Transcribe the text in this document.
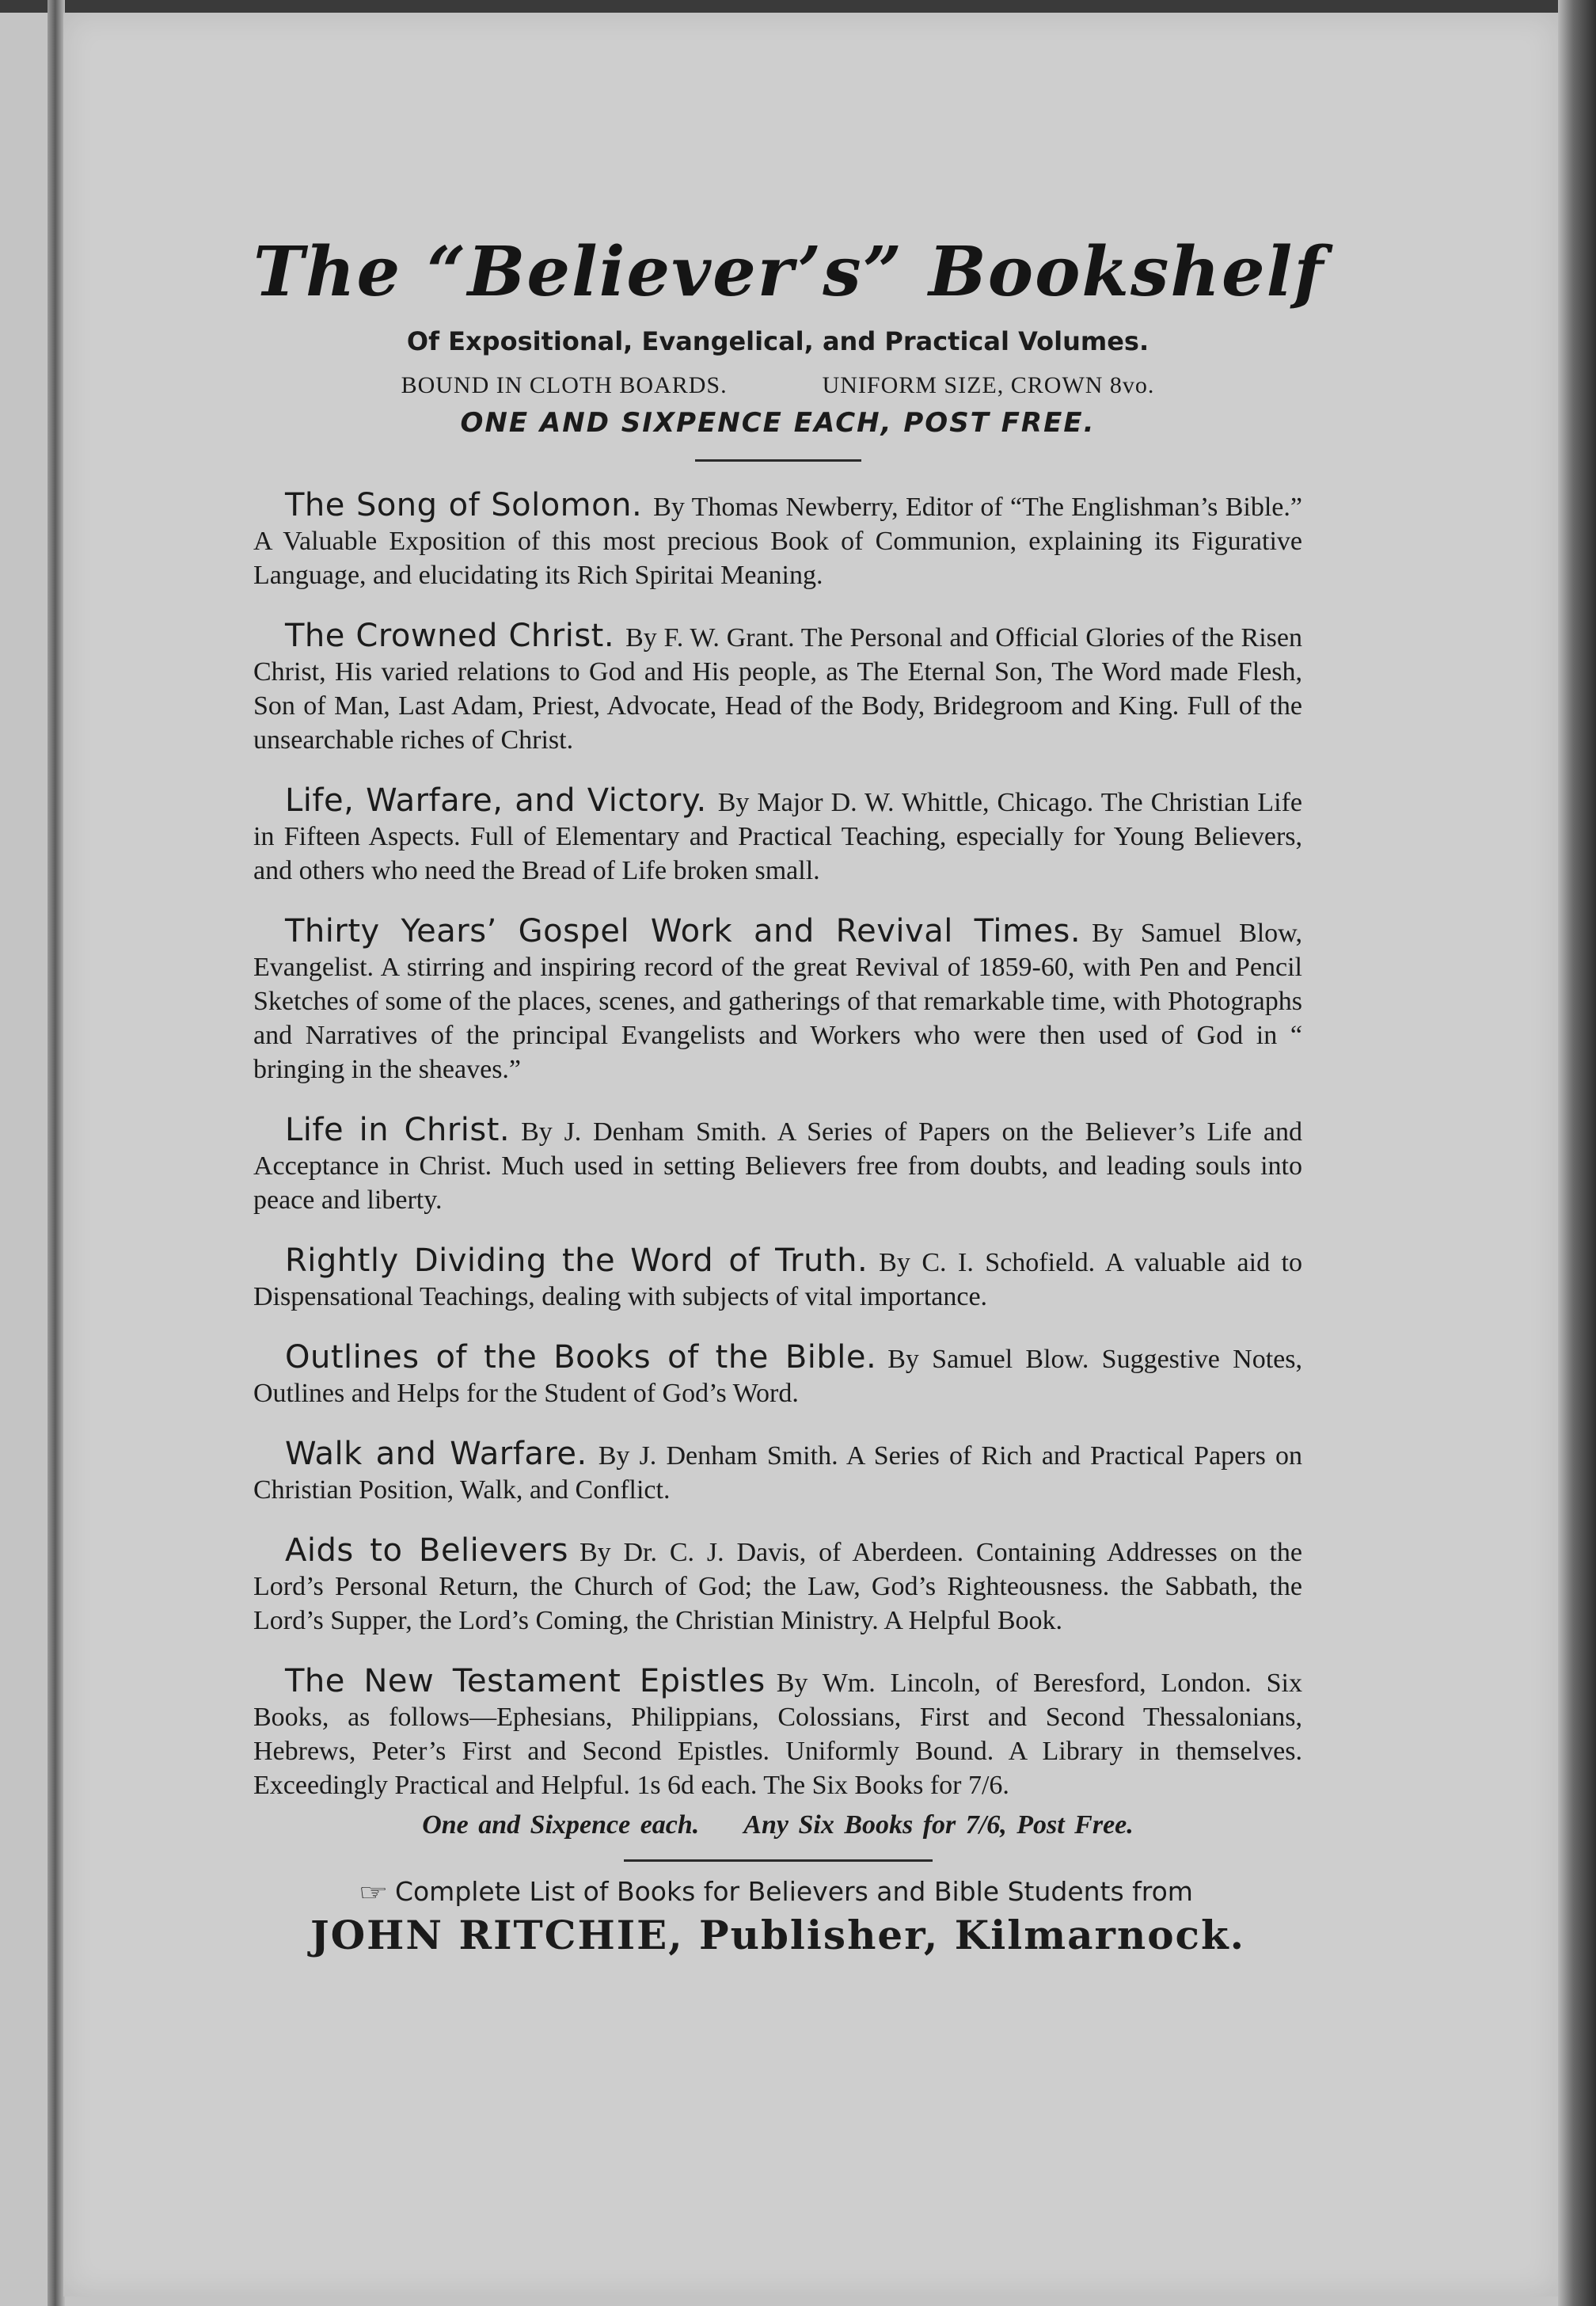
The “Believer’s” Bookshelf
Of Expositional, Evangelical, and Practical Volumes.
BOUND IN CLOTH BOARDS.	UNIFORM SIZE, CROWN 8vo.
ONE AND SIXPENCE EACH, POST FREE.

The Song of Solomon. By Thomas Newberry, Editor of “The Englishman’s Bible.” A Valuable Exposition of this most precious Book of Communion, explaining its Figurative Language, and elucidating its Rich Spiritai Meaning.

The Crowned Christ. By F. W. Grant. The Personal and Official Glories of the Risen Christ, His varied relations to God and His people, as The Eternal Son, The Word made Flesh, Son of Man, Last Adam, Priest, Advocate, Head of the Body, Bridegroom and King. Full of the unsearchable riches of Christ.

Life, Warfare, and Victory. By Major D. W. Whittle, Chicago. The Christian Life in Fifteen Aspects. Full of Elementary and Practical Teaching, especially for Young Believers, and others who need the Bread of Life broken small.

Thirty Years’ Gospel Work and Revival Times. By Samuel Blow, Evangelist. A stirring and inspiring record of the great Revival of 1859-60, with Pen and Pencil Sketches of some of the places, scenes, and gatherings of that remarkable time, with Photographs and Narratives of the principal Evangelists and Workers who were then used of God in “ bringing in the sheaves.”

Life in Christ. By J. Denham Smith. A Series of Papers on the Believer’s Life and Acceptance in Christ. Much used in setting Believers free from doubts, and leading souls into peace and liberty.

Rightly Dividing the Word of Truth. By C. I. Schofield. A valuable aid to Dispensational Teachings, dealing with subjects of vital importance.

Outlines of the Books of the Bible. By Samuel Blow. Suggestive Notes, Outlines and Helps for the Student of God’s Word.

Walk and Warfare. By J. Denham Smith. A Series of Rich and Practical Papers on Christian Position, Walk, and Conflict.

Aids to Believers By Dr. C. J. Davis, of Aberdeen. Containing Addresses on the Lord’s Personal Return, the Church of God; the Law, God’s Righteousness. the Sabbath, the Lord’s Supper, the Lord’s Coming, the Christian Ministry. A Helpful Book.

The New Testament Epistles By Wm. Lincoln, of Beresford, London. Six Books, as follows—Ephesians, Philippians, Colossians, First and Second Thessalonians, Hebrews, Peter’s First and Second Epistles. Uniformly Bound. A Library in themselves. Exceedingly Practical and Helpful. 1s 6d each. The Six Books for 7/6.

One and Sixpence each. Any Six Books for 7/6, Post Free.
☞ Complete List of Books for Believers and Bible Students from
JOHN RITCHIE, Publisher, Kilmarnock.
